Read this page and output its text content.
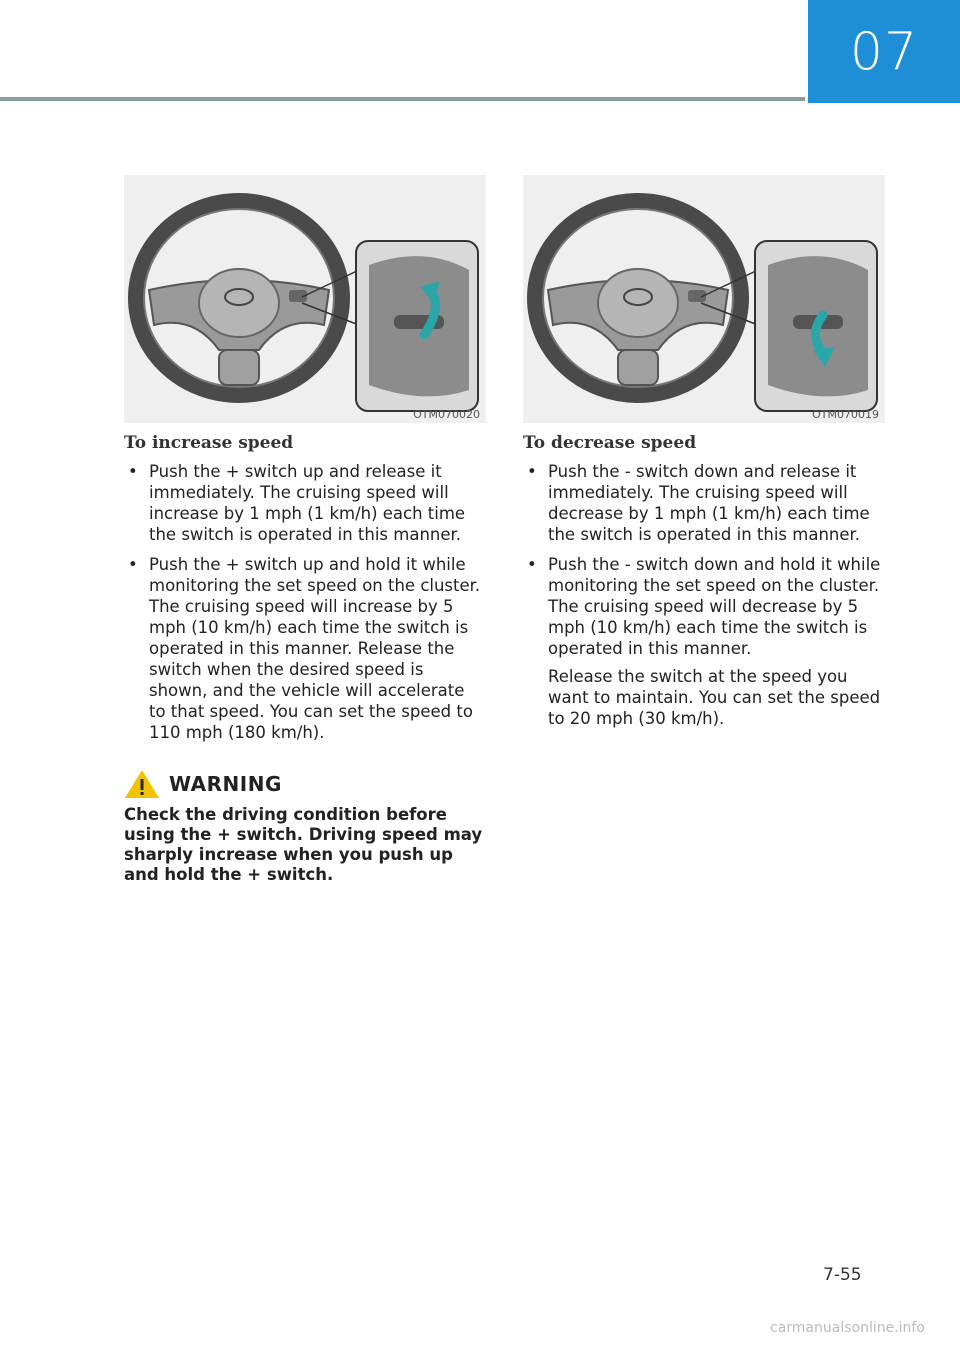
07
OTM070020
To increase speed
• Push the + switch up and release it immediately. The cruising speed will increase by 1 mph (1 km/h) each time the switch is operated in this manner.
• Push the + switch up and hold it while monitoring the set speed on the cluster. The cruising speed will increase by 5 mph (10 km/h) each time the switch is operated in this manner. Release the switch when the desired speed is shown, and the vehicle will accelerate to that speed. You can set the speed to 110 mph (180 km/h).
WARNING
Check the driving condition before using the + switch. Driving speed may sharply increase when you push up and hold the + switch.
OTM070019
To decrease speed
• Push the - switch down and release it immediately. The cruising speed will decrease by 1 mph (1 km/h) each time the switch is operated in this manner.
• Push the - switch down and hold it while monitoring the set speed on the cluster. The cruising speed will decrease by 5 mph (10 km/h) each time the switch is operated in this manner.
Release the switch at the speed you want to maintain. You can set the speed to 20 mph (30 km/h).
7-55
carmanualsonline.info
